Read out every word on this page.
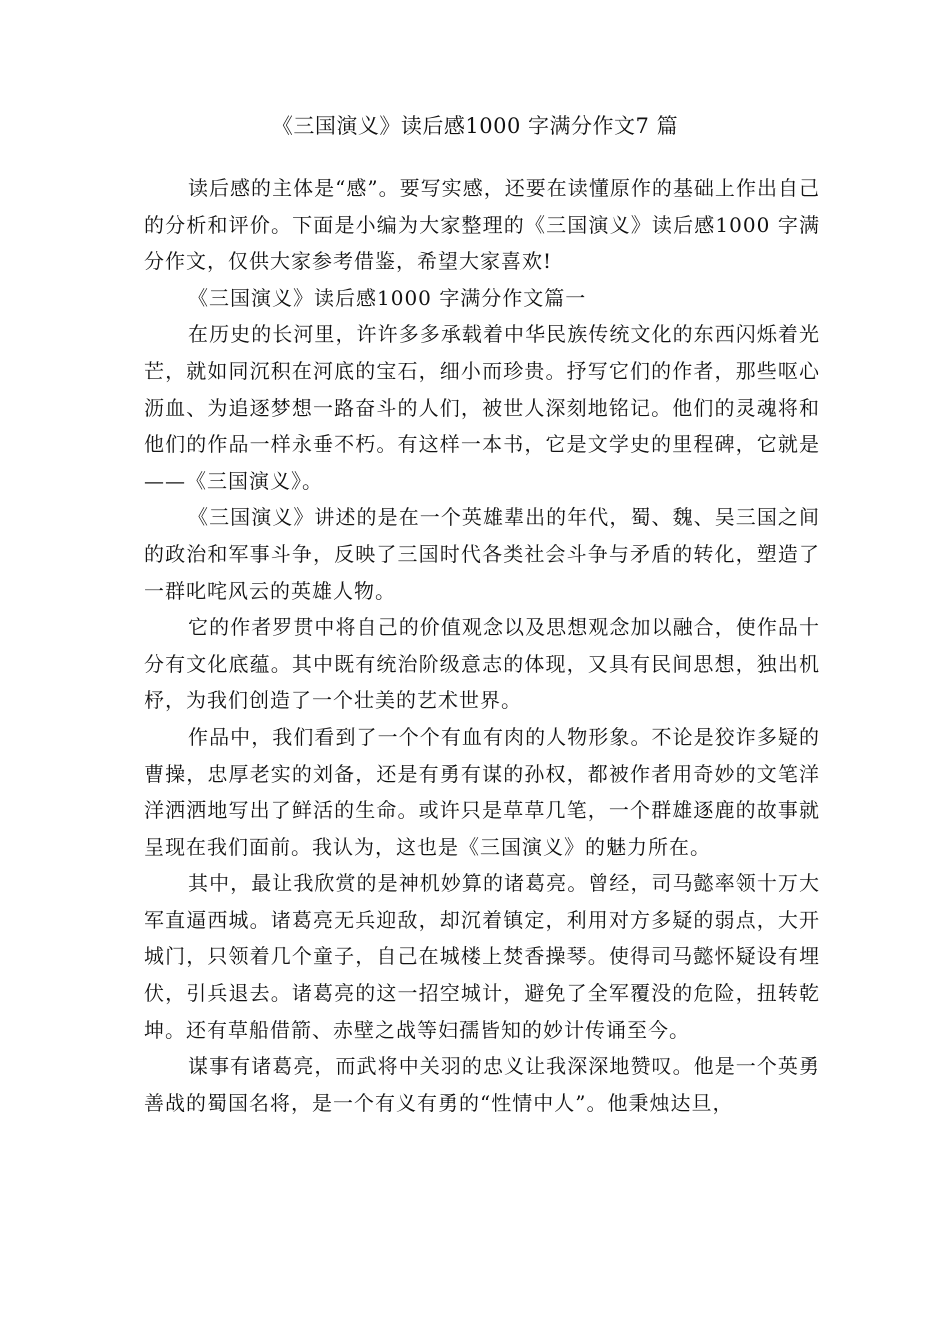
《三国演义》读后感1000 字满分作文7 篇

读后感的主体是“感”。要写实感，还要在读懂原作的基础上作出自己的分析和评价。下面是小编为大家整理的《三国演义》读后感1000 字满分作文，仅供大家参考借鉴，希望大家喜欢!

《三国演义》读后感1000 字满分作文篇一

在历史的长河里，许许多多承载着中华民族传统文化的东西闪烁着光芒，就如同沉积在河底的宝石，细小而珍贵。抒写它们的作者，那些呕心沥血、为追逐梦想一路奋斗的人们，被世人深刻地铭记。他们的灵魂将和他们的作品一样永垂不朽。有这样一本书，它是文学史的里程碑，它就是——《三国演义》。

《三国演义》讲述的是在一个英雄辈出的年代，蜀、魏、吴三国之间的政治和军事斗争，反映了三国时代各类社会斗争与矛盾的转化，塑造了一群叱咤风云的英雄人物。

它的作者罗贯中将自己的价值观念以及思想观念加以融合，使作品十分有文化底蕴。其中既有统治阶级意志的体现，又具有民间思想，独出机杼，为我们创造了一个壮美的艺术世界。

作品中，我们看到了一个个有血有肉的人物形象。不论是狡诈多疑的曹操，忠厚老实的刘备，还是有勇有谋的孙权，都被作者用奇妙的文笔洋洋洒洒地写出了鲜活的生命。或许只是草草几笔，一个群雄逐鹿的故事就呈现在我们面前。我认为，这也是《三国演义》的魅力所在。

其中，最让我欣赏的是神机妙算的诸葛亮。曾经，司马懿率领十万大军直逼西城。诸葛亮无兵迎敌，却沉着镇定，利用对方多疑的弱点，大开城门，只领着几个童子，自己在城楼上焚香操琴。使得司马懿怀疑设有埋伏，引兵退去。诸葛亮的这一招空城计，避免了全军覆没的危险，扭转乾坤。还有草船借箭、赤壁之战等妇孺皆知的妙计传诵至今。

谋事有诸葛亮，而武将中关羽的忠义让我深深地赞叹。他是一个英勇善战的蜀国名将，是一个有义有勇的“性情中人”。他秉烛达旦，
